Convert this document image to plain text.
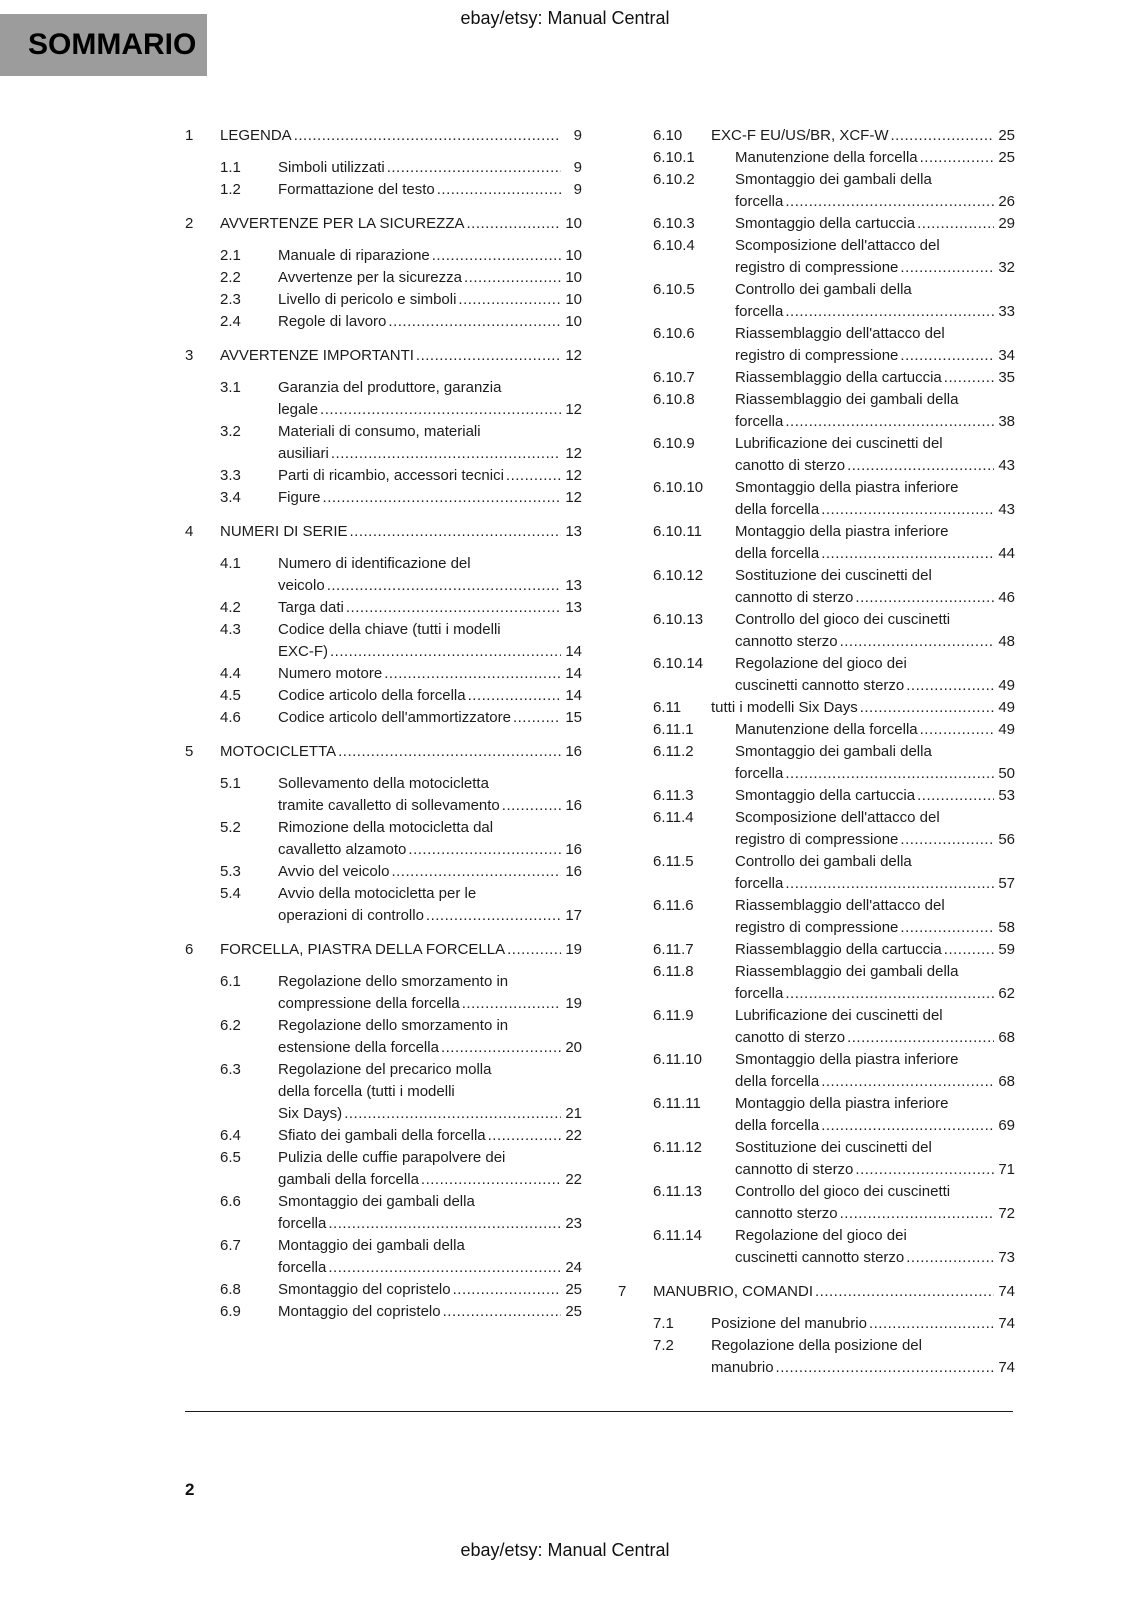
ebay/etsy: Manual Central
SOMMARIO
1	LEGENDA .....	9
1.1	Simboli utilizzati .....	9
1.2	Formattazione del testo .....	9
2	AVVERTENZE PER LA SICUREZZA .....	10
2.1	Manuale di riparazione .....	10
2.2	Avvertenze per la sicurezza .....	10
2.3	Livello di pericolo e simboli .....	10
2.4	Regole di lavoro .....	10
3	AVVERTENZE IMPORTANTI .....	12
3.1	Garanzia del produttore, garanzia
legale .....	12
3.2	Materiali di consumo, materiali
ausiliari .....	12
3.3	Parti di ricambio, accessori tecnici .....	12
3.4	Figure .....	12
4	NUMERI DI SERIE .....	13
4.1	Numero di identificazione del
veicolo .....	13
4.2	Targa dati .....	13
4.3	Codice della chiave (tutti i modelli
EXC-F) .....	14
4.4	Numero motore .....	14
4.5	Codice articolo della forcella .....	14
4.6	Codice articolo dell'ammortizzatore .....	15
5	MOTOCICLETTA .....	16
5.1	Sollevamento della motocicletta
tramite cavalletto di sollevamento .....	16
5.2	Rimozione della motocicletta dal
cavalletto alzamoto .....	16
5.3	Avvio del veicolo .....	16
5.4	Avvio della motocicletta per le
operazioni di controllo .....	17
6	FORCELLA, PIASTRA DELLA FORCELLA .....	19
6.1	Regolazione dello smorzamento in
compressione della forcella .....	19
6.2	Regolazione dello smorzamento in
estensione della forcella .....	20
6.3	Regolazione del precarico molla
della forcella (tutti i modelli
Six Days) .....	21
6.4	Sfiato dei gambali della forcella .....	22
6.5	Pulizia delle cuffie parapolvere dei
gambali della forcella .....	22
6.6	Smontaggio dei gambali della
forcella .....	23
6.7	Montaggio dei gambali della
forcella .....	24
6.8	Smontaggio del copristelo .....	25
6.9	Montaggio del copristelo .....	25
6.10	EXC-F EU/US/BR, XCF-W .....	25
6.10.1	Manutenzione della forcella .....	25
6.10.2	Smontaggio dei gambali della
forcella .....	26
6.10.3	Smontaggio della cartuccia .....	29
6.10.4	Scomposizione dell'attacco del
registro di compressione .....	32
6.10.5	Controllo dei gambali della
forcella .....	33
6.10.6	Riassemblaggio dell'attacco del
registro di compressione .....	34
6.10.7	Riassemblaggio della cartuccia .....	35
6.10.8	Riassemblaggio dei gambali della
forcella .....	38
6.10.9	Lubrificazione dei cuscinetti del
canotto di sterzo .....	43
6.10.10	Smontaggio della piastra inferiore
della forcella .....	43
6.10.11	Montaggio della piastra inferiore
della forcella .....	44
6.10.12	Sostituzione dei cuscinetti del
cannotto di sterzo .....	46
6.10.13	Controllo del gioco dei cuscinetti
cannotto sterzo .....	48
6.10.14	Regolazione del gioco dei
cuscinetti cannotto sterzo .....	49
6.11	tutti i modelli Six Days .....	49
6.11.1	Manutenzione della forcella .....	49
6.11.2	Smontaggio dei gambali della
forcella .....	50
6.11.3	Smontaggio della cartuccia .....	53
6.11.4	Scomposizione dell'attacco del
registro di compressione .....	56
6.11.5	Controllo dei gambali della
forcella .....	57
6.11.6	Riassemblaggio dell'attacco del
registro di compressione .....	58
6.11.7	Riassemblaggio della cartuccia .....	59
6.11.8	Riassemblaggio dei gambali della
forcella .....	62
6.11.9	Lubrificazione dei cuscinetti del
canotto di sterzo .....	68
6.11.10	Smontaggio della piastra inferiore
della forcella .....	68
6.11.11	Montaggio della piastra inferiore
della forcella .....	69
6.11.12	Sostituzione dei cuscinetti del
cannotto di sterzo .....	71
6.11.13	Controllo del gioco dei cuscinetti
cannotto sterzo .....	72
6.11.14	Regolazione del gioco dei
cuscinetti cannotto sterzo .....	73
7	MANUBRIO, COMANDI .....	74
7.1	Posizione del manubrio .....	74
7.2	Regolazione della posizione del
manubrio .....	74
2
ebay/etsy: Manual Central
